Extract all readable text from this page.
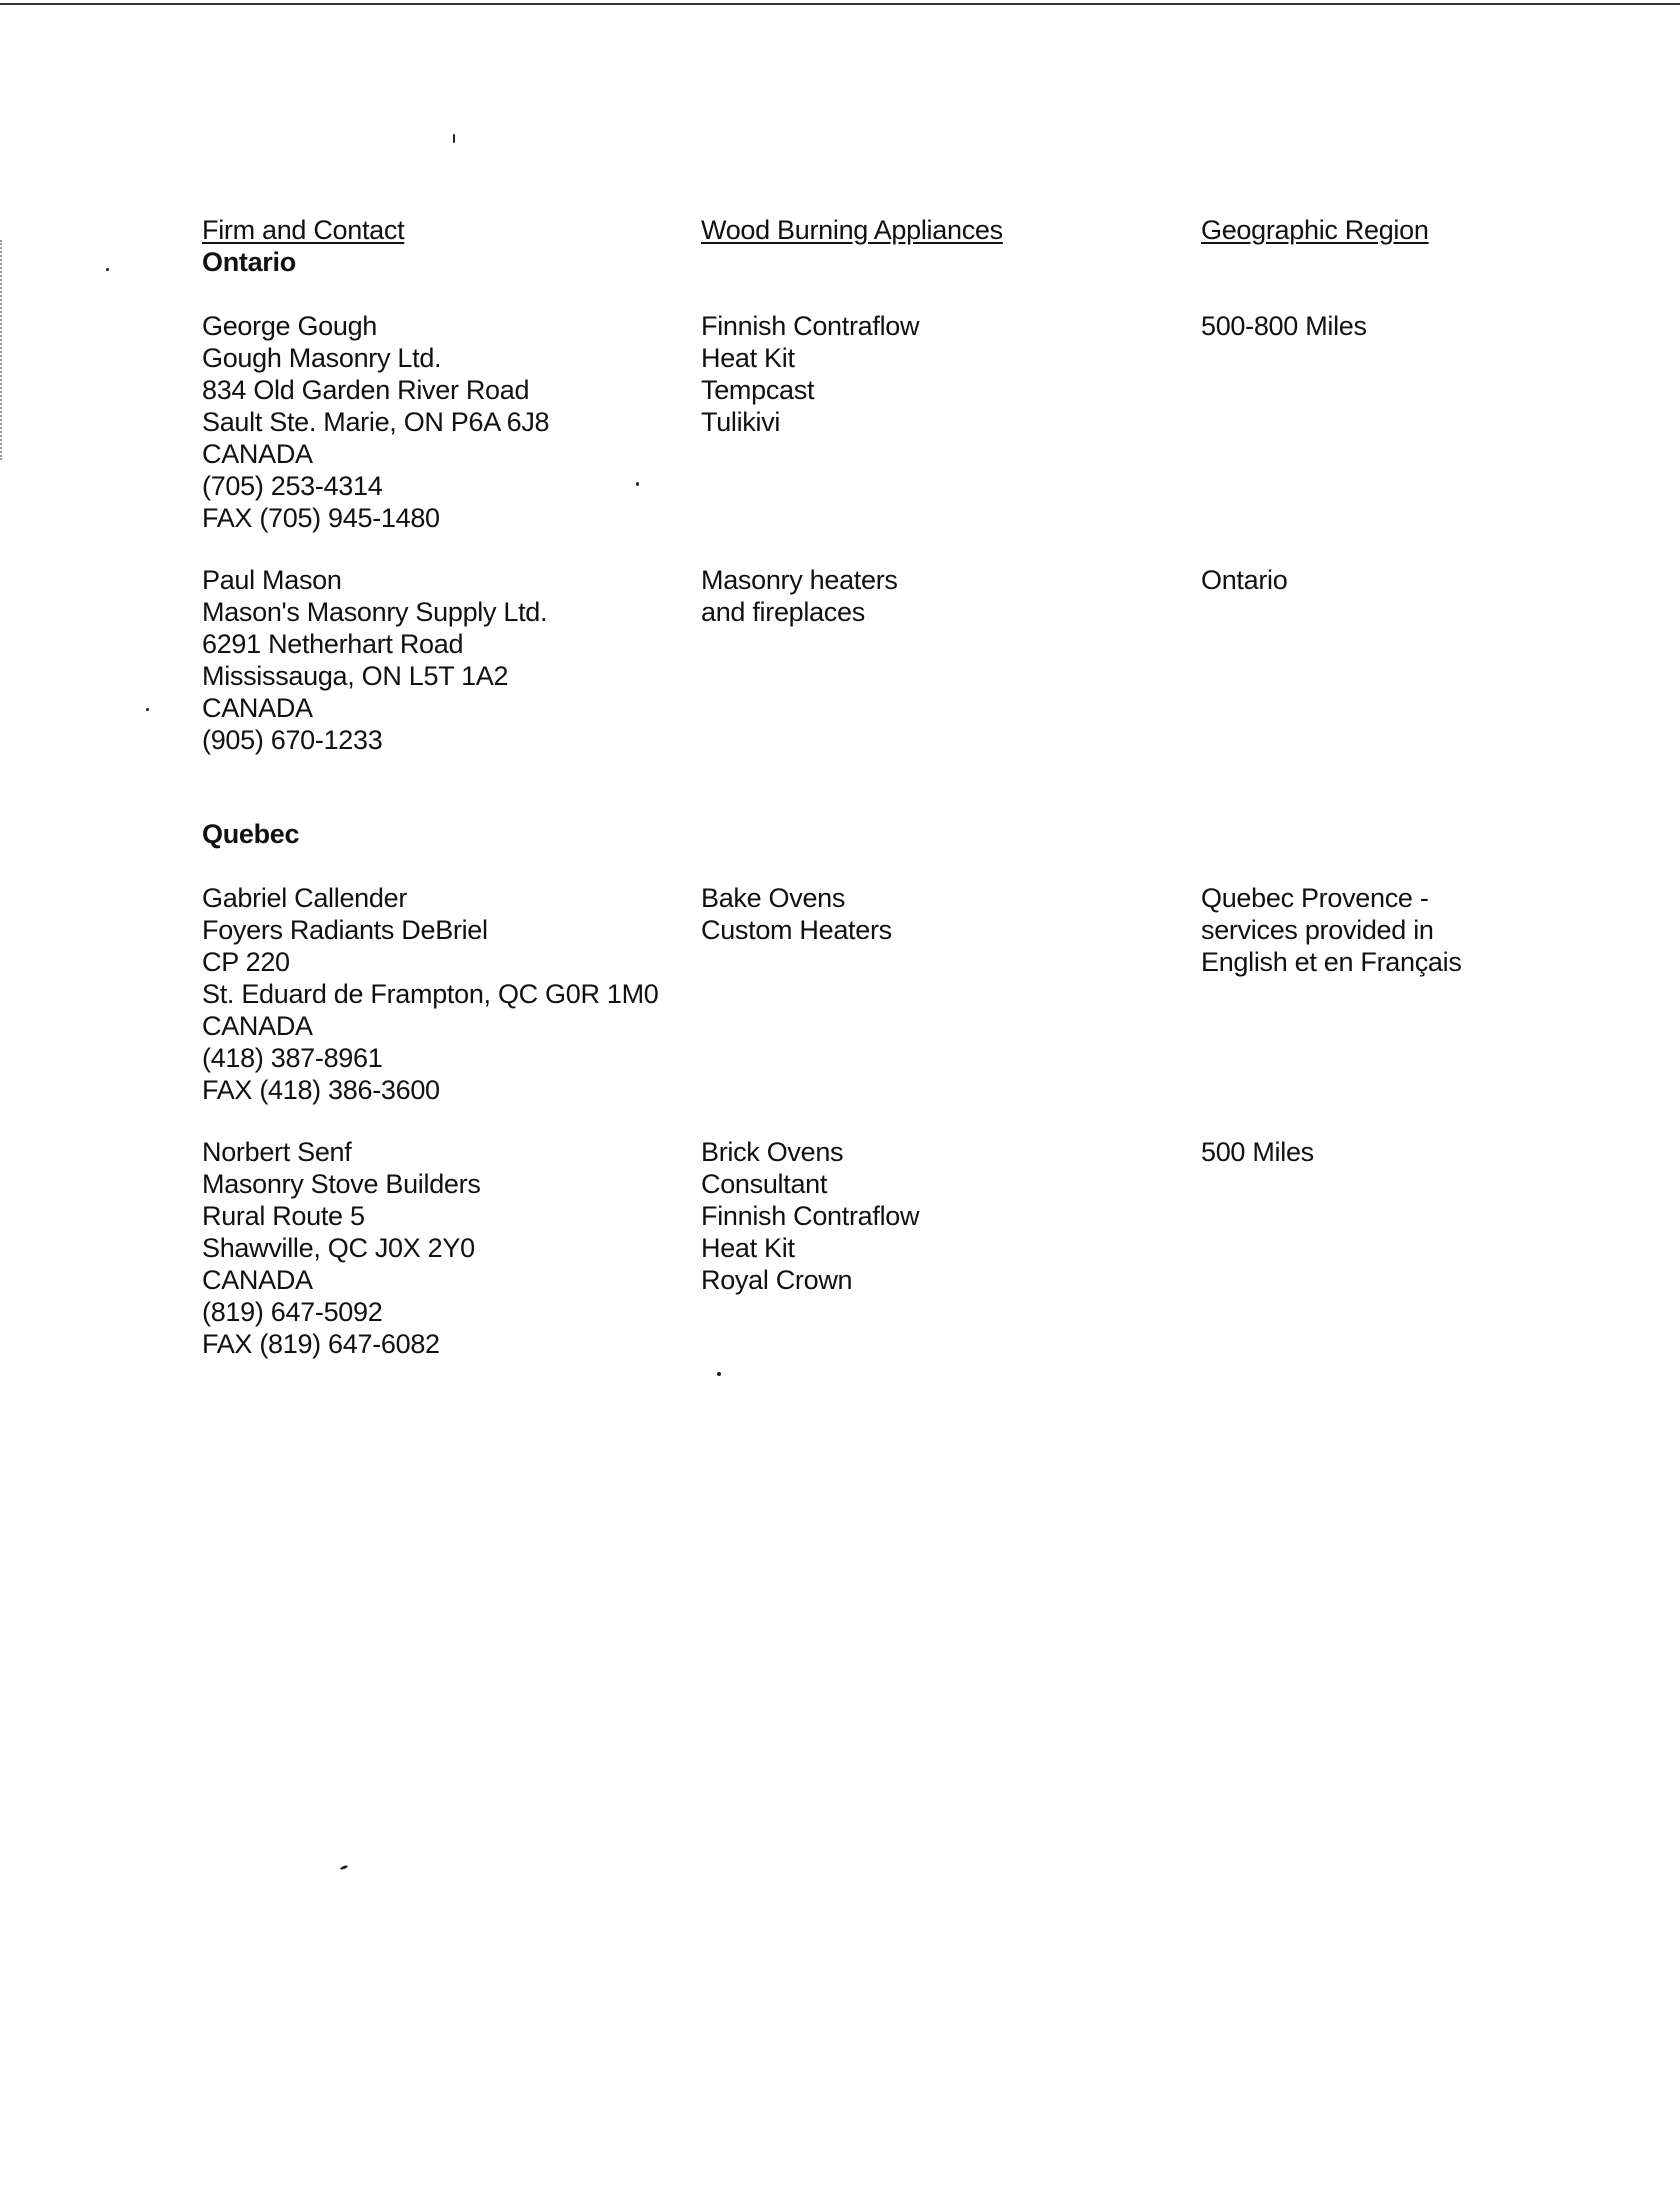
Firm and Contact	Wood Burning Appliances	Geographic Region
Ontario
George Gough
Gough Masonry Ltd.
834 Old Garden River Road
Sault Ste. Marie, ON P6A 6J8
CANADA
(705) 253-4314
FAX (705) 945-1480
Finnish Contraflow
Heat Kit
Tempcast
Tulikivi
500-800 Miles
Paul Mason
Mason's Masonry Supply Ltd.
6291 Netherhart Road
Mississauga, ON L5T 1A2
CANADA
(905) 670-1233
Masonry heaters
and fireplaces
Ontario
Quebec
Gabriel Callender
Foyers Radiants DeBriel
CP 220
St. Eduard de Frampton, QC G0R 1M0
CANADA
(418) 387-8961
FAX (418) 386-3600
Bake Ovens
Custom Heaters
Quebec Provence -
services provided in
English et en Français
Norbert Senf
Masonry Stove Builders
Rural Route 5
Shawville, QC J0X 2Y0
CANADA
(819) 647-5092
FAX (819) 647-6082
Brick Ovens
Consultant
Finnish Contraflow
Heat Kit
Royal Crown
500 Miles
